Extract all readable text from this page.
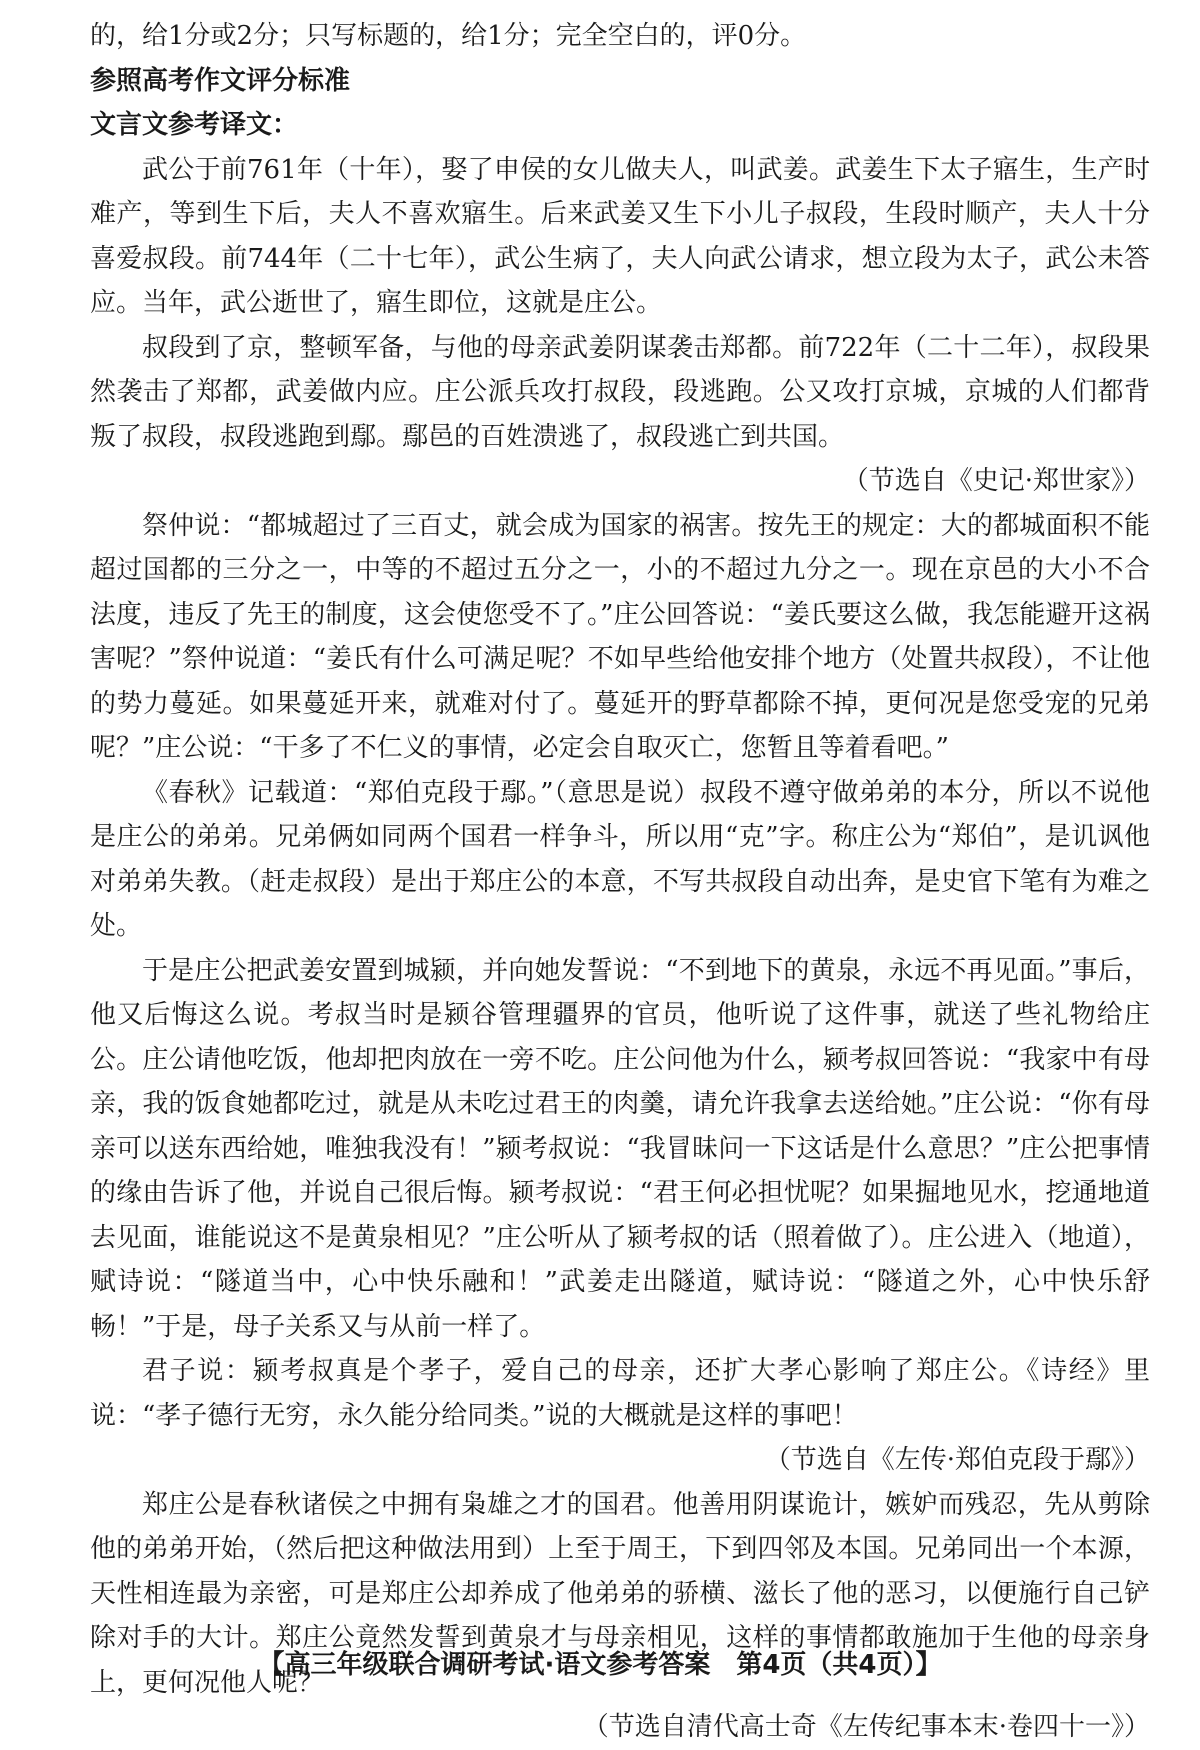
的，给1分或2分；只写标题的，给1分；完全空白的，评0分。

参照高考作文评分标准

文言文参考译文：

武公于前761年（十年），娶了申侯的女儿做夫人，叫武姜。武姜生下太子寤生，生产时难产，等到生下后，夫人不喜欢寤生。后来武姜又生下小儿子叔段，生段时顺产，夫人十分喜爱叔段。前744年（二十七年），武公生病了，夫人向武公请求，想立段为太子，武公未答应。当年，武公逝世了，寤生即位，这就是庄公。

叔段到了京，整顿军备，与他的母亲武姜阴谋袭击郑都。前722年（二十二年），叔段果然袭击了郑都，武姜做内应。庄公派兵攻打叔段，段逃跑。公又攻打京城，京城的人们都背叛了叔段，叔段逃跑到鄢。鄢邑的百姓溃逃了，叔段逃亡到共国。

（节选自《史记·郑世家》）

祭仲说：“都城超过了三百丈，就会成为国家的祸害。按先王的规定：大的都城面积不能超过国都的三分之一，中等的不超过五分之一，小的不超过九分之一。现在京邑的大小不合法度，违反了先王的制度，这会使您受不了。”庄公回答说：“姜氏要这么做，我怎能避开这祸害呢？”祭仲说道：“姜氏有什么可满足呢？不如早些给他安排个地方（处置共叔段），不让他的势力蔓延。如果蔓延开来，就难对付了。蔓延开的野草都除不掉，更何况是您受宠的兄弟呢？”庄公说：“干多了不仁义的事情，必定会自取灭亡，您暂且等着看吧。”

《春秋》记载道：“郑伯克段于鄢。”（意思是说）叔段不遵守做弟弟的本分，所以不说他是庄公的弟弟。兄弟俩如同两个国君一样争斗，所以用“克”字。称庄公为“郑伯”，是讥讽他对弟弟失教。（赶走叔段）是出于郑庄公的本意，不写共叔段自动出奔，是史官下笔有为难之处。

于是庄公把武姜安置到城颍，并向她发誓说：“不到地下的黄泉，永远不再见面。”事后，他又后悔这么说。考叔当时是颍谷管理疆界的官员，他听说了这件事，就送了些礼物给庄公。庄公请他吃饭，他却把肉放在一旁不吃。庄公问他为什么，颍考叔回答说：“我家中有母亲，我的饭食她都吃过，就是从未吃过君王的肉羹，请允许我拿去送给她。”庄公说：“你有母亲可以送东西给她，唯独我没有！”颍考叔说：“我冒昧问一下这话是什么意思？”庄公把事情的缘由告诉了他，并说自己很后悔。颍考叔说：“君王何必担忧呢？如果掘地见水，挖通地道去见面，谁能说这不是黄泉相见？”庄公听从了颍考叔的话（照着做了）。庄公进入（地道），赋诗说：“隧道当中，心中快乐融和！”武姜走出隧道，赋诗说：“隧道之外，心中快乐舒畅！”于是，母子关系又与从前一样了。

君子说：颍考叔真是个孝子，爱自己的母亲，还扩大孝心影响了郑庄公。《诗经》里说：“孝子德行无穷，永久能分给同类。”说的大概就是这样的事吧！

（节选自《左传·郑伯克段于鄢》）

郑庄公是春秋诸侯之中拥有枭雄之才的国君。他善用阴谋诡计，嫉妒而残忍，先从剪除他的弟弟开始，（然后把这种做法用到）上至于周王，下到四邻及本国。兄弟同出一个本源，天性相连最为亲密，可是郑庄公却养成了他弟弟的骄横、滋长了他的恶习，以便施行自己铲除对手的大计。郑庄公竟然发誓到黄泉才与母亲相见，这样的事情都敢施加于生他的母亲身上，更何况他人呢？

（节选自清代高士奇《左传纪事本末·卷四十一》）

【高三年级联合调研考试·语文参考答案　第4页（共4页）】
